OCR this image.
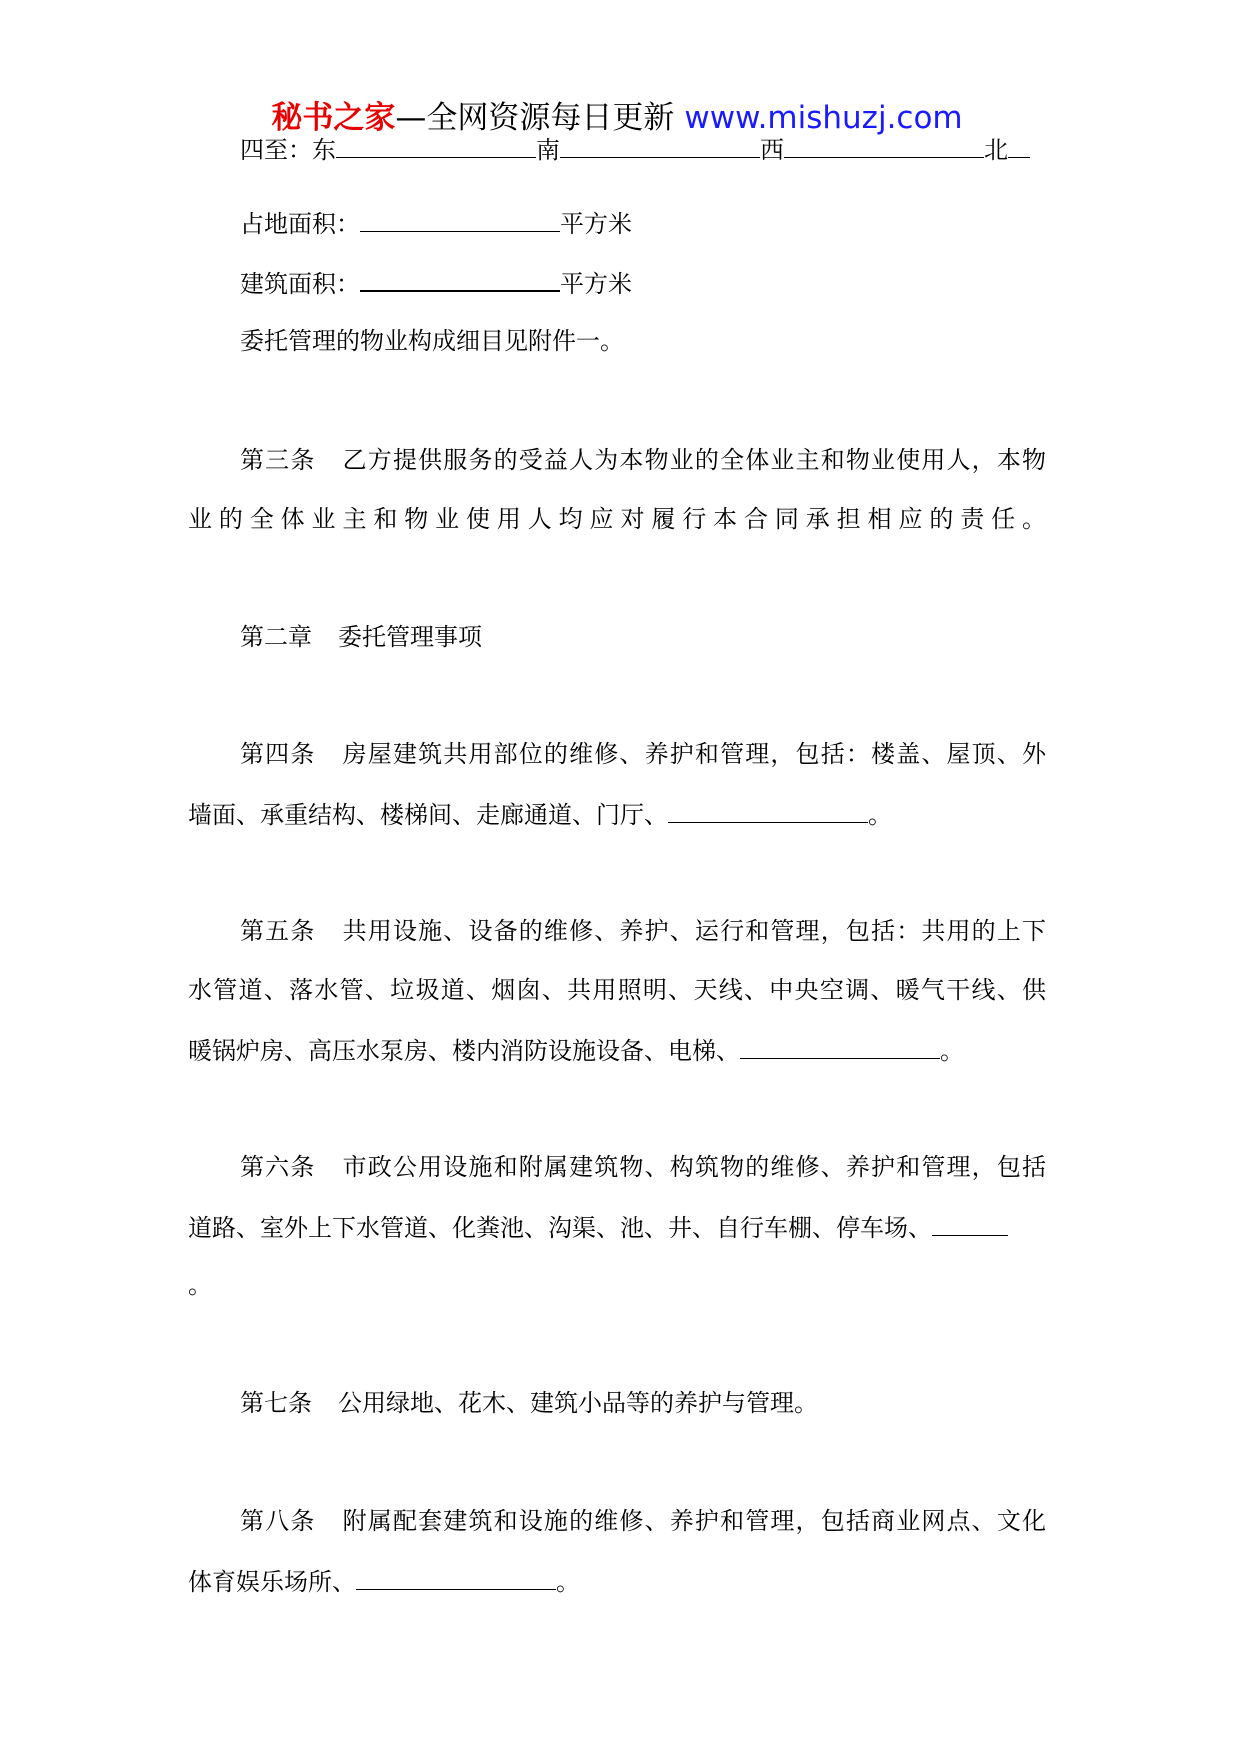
秘书之家—全网资源每日更新 www.mishuzj.com
四至：东	南	西	北
占地面积：	平方米
建筑面积：	平方米
委托管理的物业构成细目见附件一。
第三条 乙方提供服务的受益人为本物业的全体业主和物业使用人，本物
业的全体业主和物业使用人均应对履行本合同承担相应的责任。
第二章 委托管理事项
第四条 房屋建筑共用部位的维修、养护和管理，包括：楼盖、屋顶、外
墙面、承重结构、楼梯间、走廊通道、门厅、	。
第五条 共用设施、设备的维修、养护、运行和管理，包括：共用的上下
水管道、落水管、垃圾道、烟囱、共用照明、天线、中央空调、暖气干线、供
暖锅炉房、高压水泵房、楼内消防设施设备、电梯、	。
第六条 市政公用设施和附属建筑物、构筑物的维修、养护和管理，包括
道路、室外上下水管道、化粪池、沟渠、池、井、自行车棚、停车场、
。
第七条 公用绿地、花木、建筑小品等的养护与管理。
第八条 附属配套建筑和设施的维修、养护和管理，包括商业网点、文化
体育娱乐场所、	。
